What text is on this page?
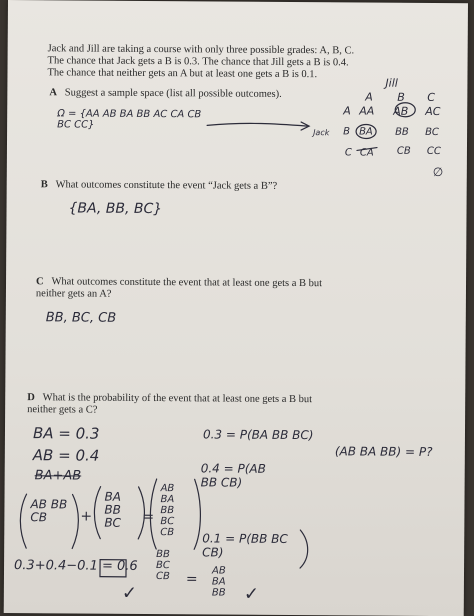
Jack and Jill are taking a course with only three possible grades: A, B, C.
The chance that Jack gets a B is 0.3. The chance that Jill gets a B is 0.4.
The chance that neither gets an A but at least one gets a B is 0.1.
A Suggest a sample space (list all possible outcomes).
Ω = {AA AB BA BB AC CA CB BC CC}
Jill
A B C
A AA AB AC
Jack B BA BB BC
C CA CB CC
∅
B What outcomes constitute the event “Jack gets a B”?
{BA, BB, BC}
C What outcomes constitute the event that at least one gets a B but
neither gets an A?
BB, BC, CB
D What is the probability of the event that at least one gets a B but
neither gets a C?
BA = 0.3
AB = 0.4
BA+AB
0.3 = P(BA BB BC)
0.4 = P(AB BB CB)
(AB BA BB) = P?
AB BB CB	+
BA BB BC	=
AB BA BB BC CB	0.1 = P(BB BC CB)
0.3+0.4−0.1 = 0.6
BB BC CB	=
AB BA BB
✓	✓
